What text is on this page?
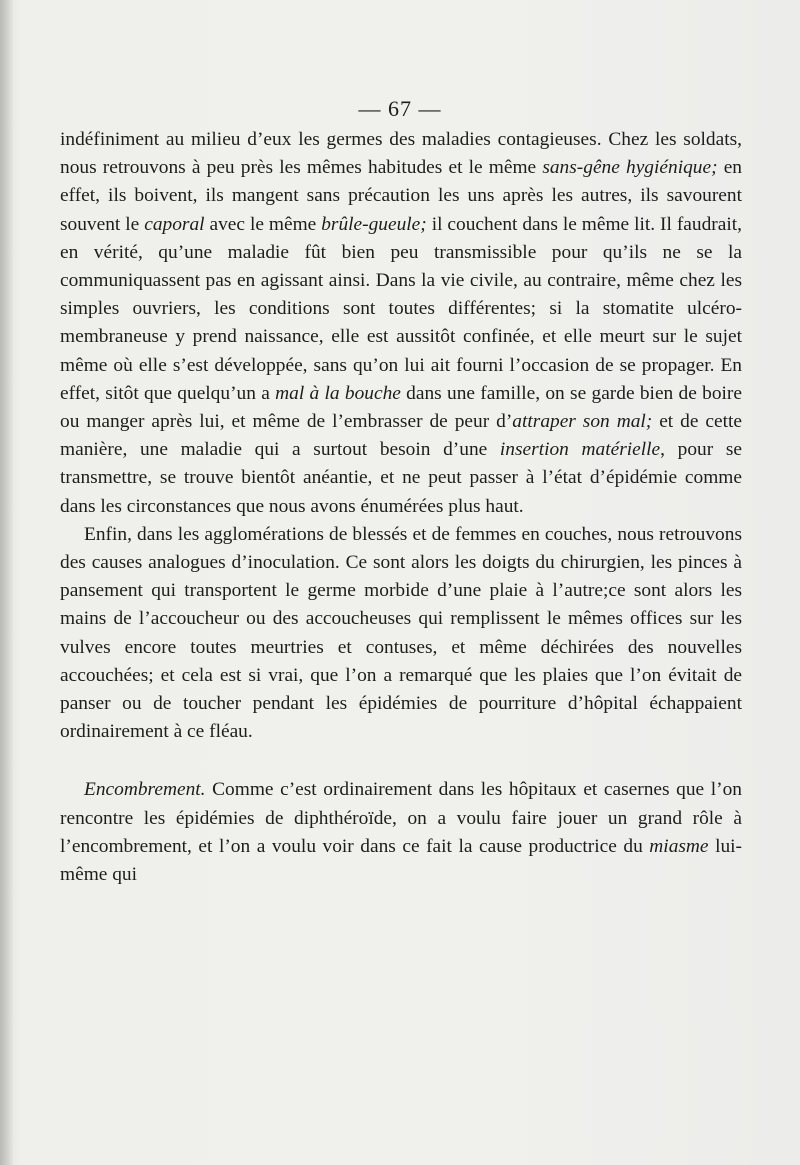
— 67 —

indéfiniment au milieu d’eux les germes des maladies contagieuses. Chez les soldats, nous retrouvons à peu près les mêmes habitudes et le même sans-gêne hygiénique; en effet, ils boivent, ils mangent sans précaution les uns après les autres, ils savourent souvent le caporal avec le même brûle-gueule; il couchent dans le même lit. Il faudrait, en vérité, qu’une maladie fût bien peu transmissible pour qu’ils ne se la communiquassent pas en agissant ainsi. Dans la vie civile, au contraire, même chez les simples ouvriers, les conditions sont toutes différentes; si la stomatite ulcéro-membraneuse y prend naissance, elle est aussitôt confinée, et elle meurt sur le sujet même où elle s’est développée, sans qu’on lui ait fourni l’occasion de se propager. En effet, sitôt que quelqu’un a mal à la bouche dans une famille, on se garde bien de boire ou manger après lui, et même de l’embrasser de peur d’attraper son mal; et de cette manière, une maladie qui a surtout besoin d’une insertion matérielle, pour se transmettre, se trouve bientôt anéantie, et ne peut passer à l’état d’épidémie comme dans les circonstances que nous avons énumérées plus haut.

Enfin, dans les agglomérations de blessés et de femmes en couches, nous retrouvons des causes analogues d’inoculation. Ce sont alors les doigts du chirurgien, les pinces à pansement qui transportent le germe morbide d’une plaie à l’autre;ce sont alors les mains de l’accoucheur ou des accoucheuses qui remplissent le mêmes offices sur les vulves encore toutes meurtries et contuses, et même déchirées des nouvelles accouchées; et cela est si vrai, que l’on a remarqué que les plaies que l’on évitait de panser ou de toucher pendant les épidémies de pourriture d’hôpital échappaient ordinairement à ce fléau.

Encombrement. Comme c’est ordinairement dans les hôpitaux et casernes que l’on rencontre les épidémies de diphthéroïde, on a voulu faire jouer un grand rôle à l’encombrement, et l’on a voulu voir dans ce fait la cause productrice du miasme lui-même qui
